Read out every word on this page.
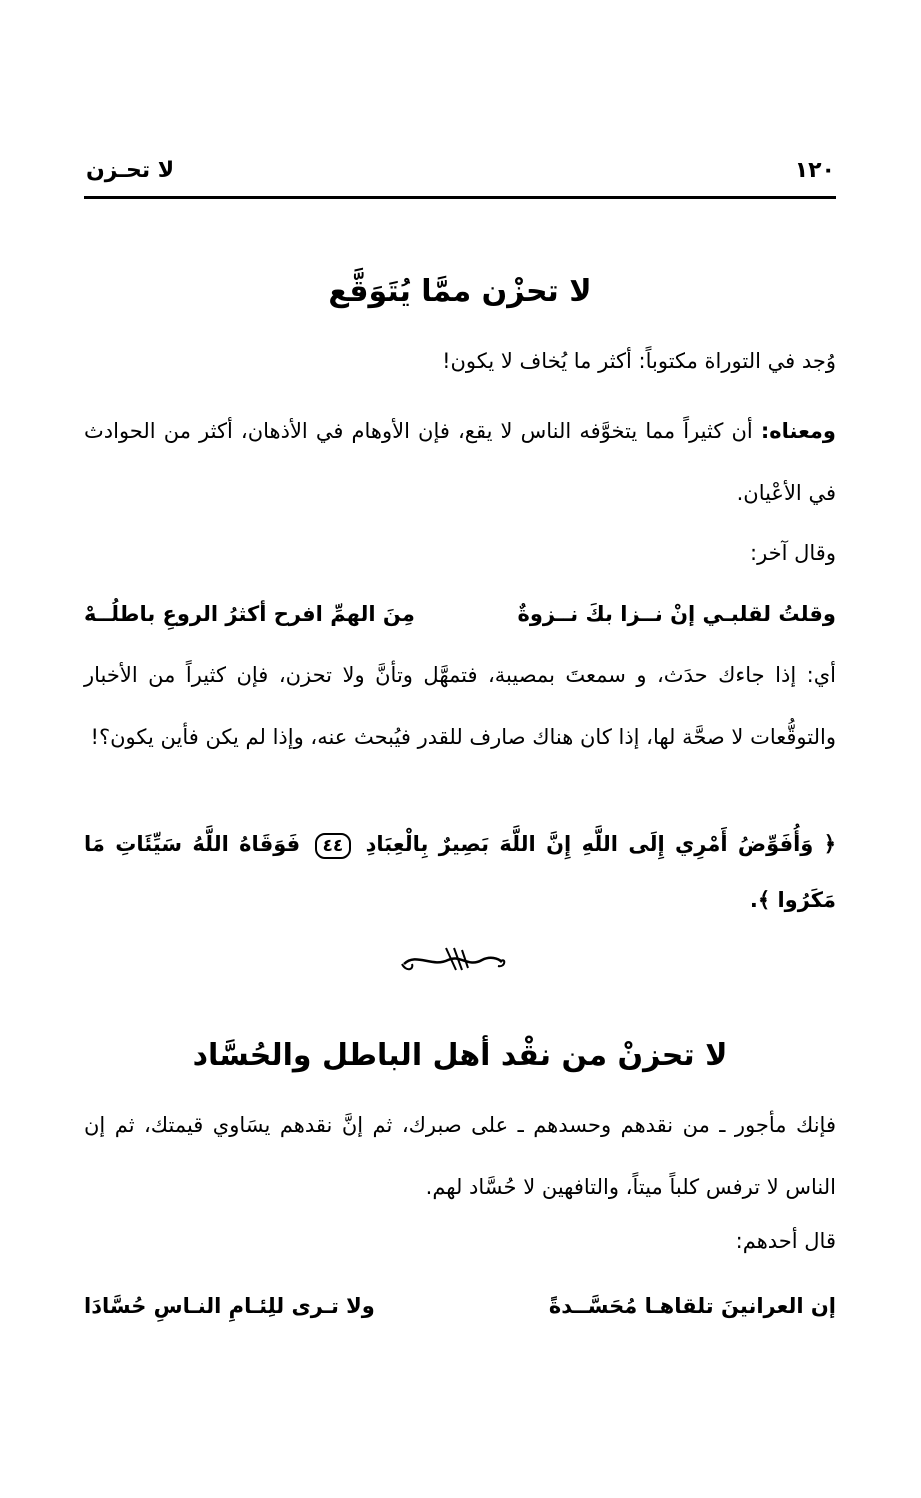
١٢٠
لا تحـزن
لا تحزْن ممَّا يُتَوَقَّع

وُجد في التوراة مكتوباً: أكثر ما يُخاف لا يكون!

ومعناه: أن كثيراً مما يتخوَّفه الناس لا يقع، فإن الأوهام في الأذهان، أكثر من الحوادث في الأعْيان.

وقال آخر:

وقلتُ لقلبـي إنْ نــزا بكَ نــزوةٌ
مِنَ الهمِّ افرح أكثرُ الروعِ باطلُــهْ

أي: إذا جاءك حدَث، و سمعتَ بمصيبة، فتمهَّل وتأنَّ ولا تحزن، فإن كثيراً من الأخبار والتوقُّعات لا صحَّة لها، إذا كان هناك صارف للقدر فيُبحث عنه، وإذا لم يكن فأين يكون؟!

﴿ وَأُفَوِّضُ أَمْرِي إِلَى اللَّهِ إِنَّ اللَّهَ بَصِيرٌ بِالْعِبَادِ ٤٤ فَوَقَاهُ اللَّهُ سَيِّئَاتِ مَا مَكَرُوا ﴾.

لا تحزنْ من نقْد أهل الباطل والحُسَّاد

فإنك مأجور ـ من نقدهم وحسدهم ـ على صبرك، ثم إنَّ نقدهم يسَاوي قيمتك، ثم إن الناس لا ترفس كلباً ميتاً، والتافهين لا حُسَّاد لهم.

قال أحدهم:

إن العرانينَ تلقاهـا مُحَسَّــدةً
ولا تـرى للِئـامِ النـاسِ حُسَّادَا
